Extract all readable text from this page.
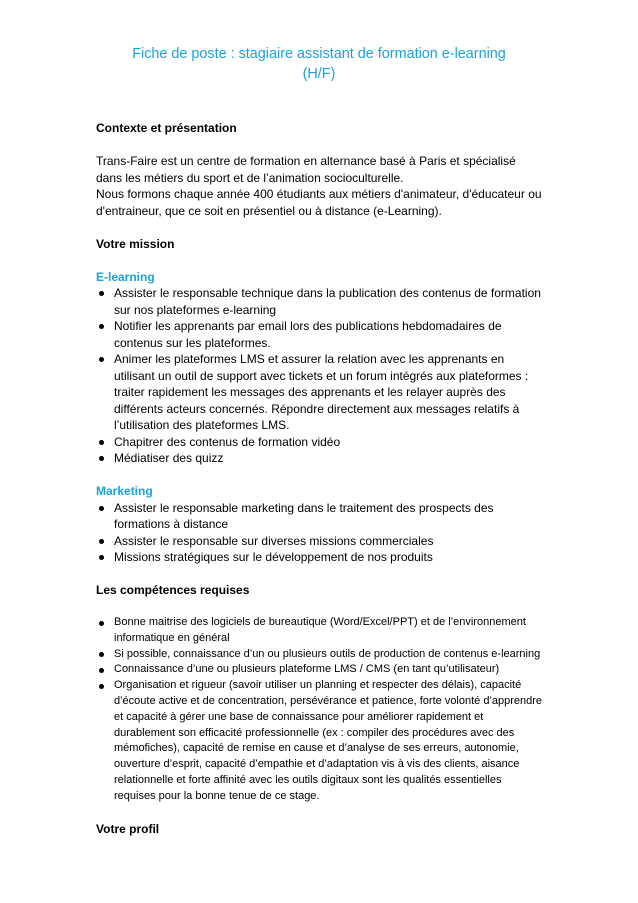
Fiche de poste : stagiaire assistant de formation e-learning
(H/F)

Contexte et présentation

Trans-Faire est un centre de formation en alternance basé à Paris et spécialisé dans les métiers du sport et de l’animation socioculturelle.

Nous formons chaque année 400 étudiants aux métiers d'animateur, d'éducateur ou d'entraineur, que ce soit en présentiel ou à distance (e-Learning).

Votre mission

E-learning

Assister le responsable technique dans la publication des contenus de formation sur nos plateformes e-learning
Notifier les apprenants par email lors des publications hebdomadaires de contenus sur les plateformes.
Animer les plateformes LMS et assurer la relation avec les apprenants en utilisant un outil de support avec tickets et un forum intégrés aux plateformes : traiter rapidement les messages des apprenants et les relayer auprès des différents acteurs concernés. Répondre directement aux messages relatifs à l’utilisation des plateformes LMS.
Chapitrer des contenus de formation vidéo
Médiatiser des quizz

Marketing

Assister le responsable marketing dans le traitement des prospects des formations à distance
Assister le responsable sur diverses missions commerciales
Missions stratégiques sur le développement de nos produits

Les compétences requises

Bonne maitrise des logiciels de bureautique (Word/Excel/PPT) et de l’environnement informatique en général
Si possible, connaissance d’un ou plusieurs outils de production de contenus e-learning
Connaissance d’une ou plusieurs plateforme LMS / CMS (en tant qu’utilisateur)
Organisation et rigueur (savoir utiliser un planning et respecter des délais), capacité d’écoute active et de concentration, persévérance et patience, forte volonté d’apprendre et capacité à gérer une base de connaissance pour améliorer rapidement et durablement son efficacité professionnelle (ex : compiler des procédures avec des mémofiches), capacité de remise en cause et d’analyse de ses erreurs, autonomie, ouverture d’esprit, capacité d’empathie et d’adaptation vis à vis des clients, aisance relationnelle et forte affinité avec les outils digitaux sont les qualités essentielles requises pour la bonne tenue de ce stage.

Votre profil
